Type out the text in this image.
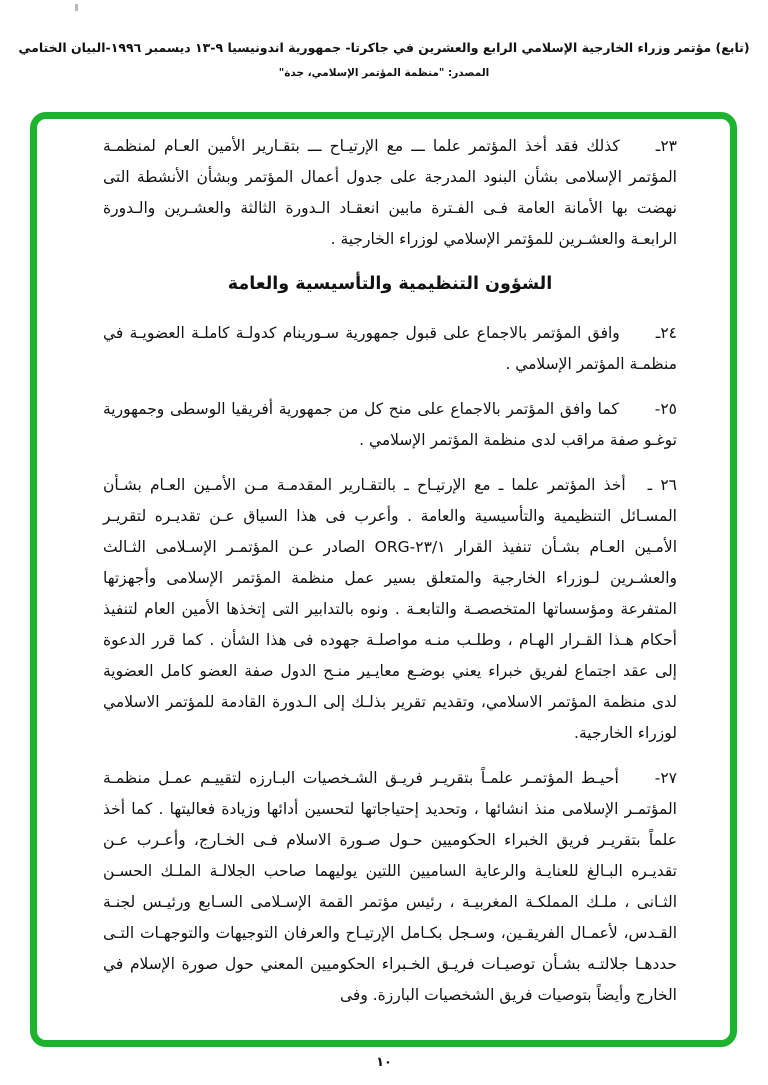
(تابع) مؤتمر وزراء الخارجية الإسلامي الرابع والعشرين في جاكرتا- جمهورية اندونيسيا ٩-١٣ ديسمبر ١٩٩٦-البيان الختامي
المصدر: "منظمة المؤتمر الإسلامي، جدة"

٢٣ـكذلك فقد أخذ المؤتمر علما ـــ مع الإرتيـاح ـــ بتقـارير الأمين العـام لمنظمـة المؤتمر الإسلامى بشأن البنود المدرجة على جدول أعمال المؤتمر وبشأن الأنشطة التى نهضت بها الأمانة العامة فـى الفـترة مابين انعقـاد الـدورة الثالثة والعشـرين والـدورة الرابعـة والعشـرين للمؤتمر الإسلامي لوزراء الخارجية .

الشؤون التنظيمية والتأسيسية والعامة

٢٤ـوافق المؤتمر بالاجماع على قبول جمهورية سـورينام كدولـة كاملـة العضويـة في منظمـة المؤتمر الإسلامي .

٢٥-كما وافق المؤتمر بالاجماع على منح كل من جمهورية أفريقيا الوسطى وجمهورية توغـو صفة مراقب لدى منظمة المؤتمر الإسلامي .

٢٦ ـأخذ المؤتمر علما ـ مع الإرتيـاح ـ بالتقـارير المقدمـة مـن الأمـين العـام بشـأن المسـائل التنظيمية والتأسيسية والعامة . وأعرب فى هذا السياق عـن تقديـره لتقريـر الأمـين العـام بشـأن تنفيذ القرار ‪ORG-٢٣/١‬ الصادر عـن المؤتمـر الإسـلامى الثـالث والعشـرين لـوزراء الخارجية والمتعلق بسير عمل منظمة المؤتمر الإسلامى وأجهزتها المتفرعة ومؤسساتها المتخصصـة والتابعـة . ونوه بالتدابير التى إتخذها الأمين العام لتنفيذ أحكام هـذا القـرار الهـام ، وطلـب منـه مواصلـة جهوده فى هذا الشأن . كما قرر الدعوة إلى عقد اجتماع لفريق خبراء يعني بوضـع معايـير منـح الدول صفة العضو كامل العضوية لدى منظمة المؤتمر الاسلامي، وتقديم تقرير بذلـك إلى الـدورة القادمة للمؤتمر الاسلامي لوزراء الخارجية.

٢٧-أحيـط المؤتمـر علمـاً بتقريـر فريـق الشـخصيات البـارزه لتقييـم عمـل منظمـة المؤتمـر الإسلامى منذ انشائها ، وتحديد إحتياجاتها لتحسين أدائها وزيادة فعاليتها . كما أخذ علماً بتقريـر فريق الخبراء الحكوميين حـول صـورة الاسلام فـى الخـارج، وأعـرب عـن تقديـره البـالغ للعنايـة والرعاية الساميين اللتين يوليهما صاحب الجلالـة الملـك الحسـن الثـانى ، ملـك المملكـة المغربيـة ، رئيس مؤتمر القمة الإسـلامى السـابع ورئيـس لجنـة القـدس، لأعمـال الفريقـين، وسـجل بكـامل الإرتيـاح والعرفان التوجيهات والتوجهـات التـى حددهـا جلالتـه بشـأن توصيـات فريـق الخـبراء الحكوميين المعني حول صورة الإسلام في الخارج وأيضاً بتوصيات فريق الشخصيات البارزة. وفى

١٠
